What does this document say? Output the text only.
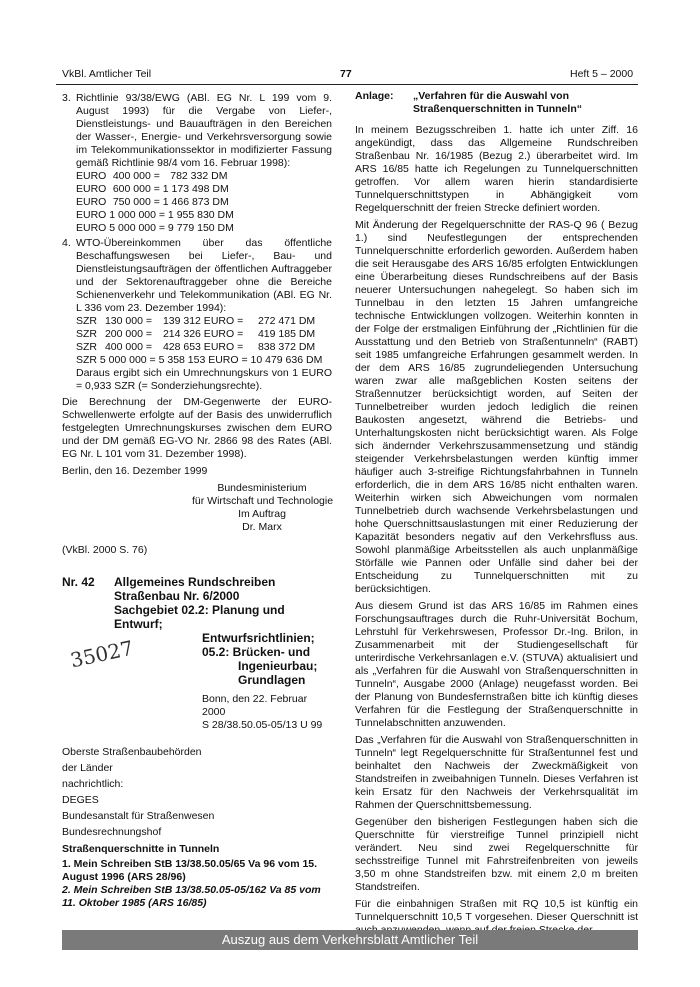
VkBl. Amtlicher Teil	77	Heft 5 – 2000
3. Richtlinie 93/38/EWG (ABl. EG Nr. L 199 vom 9. August 1993) für die Vergabe von Liefer-, Dienstleistungs- und Bauaufträgen in den Bereichen der Wasser-, Energie- und Verkehrsversorgung sowie im Telekommunikationssektor in modifizierter Fassung gemäß Richtlinie 98/4 vom 16. Februar 1998):

EURO	400 000 =	782 332 DM
EURO	600 000 = 1 173 498 DM	
EURO	750 000 = 1 466 873 DM	
EURO 1 000 000 = 1 955 830 DM		
EURO 5 000 000 = 9 779 150 DM		
4. WTO-Übereinkommen über das öffentliche Beschaffungswesen bei Liefer-, Bau- und Dienstleistungsaufträgen der öffentlichen Auftraggeber und der Sektorenauftraggeber ohne die Bereiche Schienenverkehr und Telekommunikation (ABl. EG Nr. L 336 vom 23. Dezember 1994):

SZR	130 000 =	139 312 EURO =	272 471 DM
SZR	200 000 =	214 326 EURO =	419 185 DM
SZR	400 000 =	428 653 EURO =	838 372 DM
SZR 5 000 000 = 5 358 153 EURO = 10 479 636 DM			

Daraus ergibt sich ein Umrechnungskurs von 1 EURO = 0,933 SZR (= Sonderziehungsrechte).

Die Berechnung der DM-Gegenwerte der EURO-Schwellenwerte erfolgte auf der Basis des unwiderruflich festgelegten Umrechnungskurses zwischen dem EURO und der DM gemäß EG-VO Nr. 2866 98 des Rates (ABl. EG Nr. L 101 vom 31. Dezember 1998).

Berlin, den 16. Dezember 1999

Bundesministerium
für Wirtschaft und Technologie
Im Auftrag
Dr. Marx

(VkBl. 2000 S. 76)

Nr. 42	Allgemeines Rundschreiben
Straßenbau Nr. 6/2000
Sachgebiet 02.2: Planung und Entwurf;
Entwurfsrichtlinien;
05.2: Brücken- und
Ingenieurbau;
Grundlagen
Bonn, den 22. Februar 2000
S 28/38.50.05-05/13 U 99
Oberste Straßenbaubehörden
der Länder
nachrichtlich:
DEGES
Bundesanstalt für Straßenwesen
Bundesrechnungshof
Straßenquerschnitte in Tunneln
1. Mein Schreiben StB 13/38.50.05/65 Va 96 vom 15. August 1996 (ARS 28/96)
2. Mein Schreiben StB 13/38.50.05-05/162 Va 85 vom 11. Oktober 1985 (ARS 16/85)
35027
Anlage:	„Verfahren für die Auswahl von Straßenquerschnitten in Tunneln“

In meinem Bezugsschreiben 1. hatte ich unter Ziff. 16 angekündigt, dass das Allgemeine Rundschreiben Straßenbau Nr. 16/1985 (Bezug 2.) überarbeitet wird. Im ARS 16/85 hatte ich Regelungen zu Tunnelquerschnitten getroffen. Vor allem waren hierin standardisierte Tunnelquerschnittstypen in Abhängigkeit vom Regelquerschnitt der freien Strecke definiert worden.

Mit Änderung der Regelquerschnitte der RAS-Q 96 ( Bezug 1.) sind Neufestlegungen der entsprechenden Tunnelquerschnitte erforderlich geworden. Außerdem haben die seit Herausgabe des ARS 16/85 erfolgten Entwicklungen eine Überarbeitung dieses Rundschreibens auf der Basis neuerer Untersuchungen nahegelegt. So haben sich im Tunnelbau in den letzten 15 Jahren umfangreiche technische Entwicklungen vollzogen. Weiterhin konnten in der Folge der erstmaligen Einführung der „Richtlinien für die Ausstattung und den Betrieb von Straßentunneln“ (RABT) seit 1985 umfangreiche Erfahrungen gesammelt werden. In der dem ARS 16/85 zugrundeliegenden Untersuchung waren zwar alle maßgeblichen Kosten seitens der Straßennutzer berücksichtigt worden, auf Seiten der Tunnelbetreiber wurden jedoch lediglich die reinen Baukosten angesetzt, während die Betriebs- und Unterhaltungskosten nicht berücksichtigt waren. Als Folge sich ändernder Verkehrszusammensetzung und ständig steigender Verkehrsbelastungen werden künftig immer häufiger auch 3-streifige Richtungsfahrbahnen in Tunneln erforderlich, die in dem ARS 16/85 nicht enthalten waren. Weiterhin wirken sich Abweichungen vom normalen Tunnelbetrieb durch wachsende Verkehrsbelastungen und hohe Querschnittsauslastungen mit einer Reduzierung der Kapazität besonders negativ auf den Verkehrsfluss aus. Sowohl planmäßige Arbeitsstellen als auch unplanmäßige Störfälle wie Pannen oder Unfälle sind daher bei der Entscheidung zu Tunnelquerschnitten mit zu berücksichtigen.

Aus diesem Grund ist das ARS 16/85 im Rahmen eines Forschungsauftrages durch die Ruhr-Universität Bochum, Lehrstuhl für Verkehrswesen, Professor Dr.-Ing. Brilon, in Zusammenarbeit mit der Studiengesellschaft für unterirdische Verkehrsanlagen e.V. (STUVA) aktualisiert und als „Verfahren für die Auswahl von Straßenquerschnitten in Tunneln“, Ausgabe 2000 (Anlage) neugefasst worden. Bei der Planung von Bundesfernstraßen bitte ich künftig dieses Verfahren für die Festlegung der Straßenquerschnitte in Tunnelabschnitten anzuwenden.

Das „Verfahren für die Auswahl von Straßenquerschnitten in Tunneln“ legt Regelquerschnitte für Straßentunnel fest und beinhaltet den Nachweis der Zweckmäßigkeit von Standstreifen in zweibahnigen Tunneln. Dieses Verfahren ist kein Ersatz für den Nachweis der Verkehrsqualität im Rahmen der Querschnittsbemessung.

Gegenüber den bisherigen Festlegungen haben sich die Querschnitte für vierstreifige Tunnel prinzipiell nicht verändert. Neu sind zwei Regelquerschnitte für sechsstreifige Tunnel mit Fahrstreifenbreiten von jeweils 3,50 m ohne Standstreifen bzw. mit einem 2,0 m breiten Standstreifen.

Für die einbahnigen Straßen mit RQ 10,5 ist künftig ein Tunnelquerschnitt 10,5 T vorgesehen. Dieser Querschnitt ist

Auszug aus dem Verkehrsblatt Amtlicher Teil
